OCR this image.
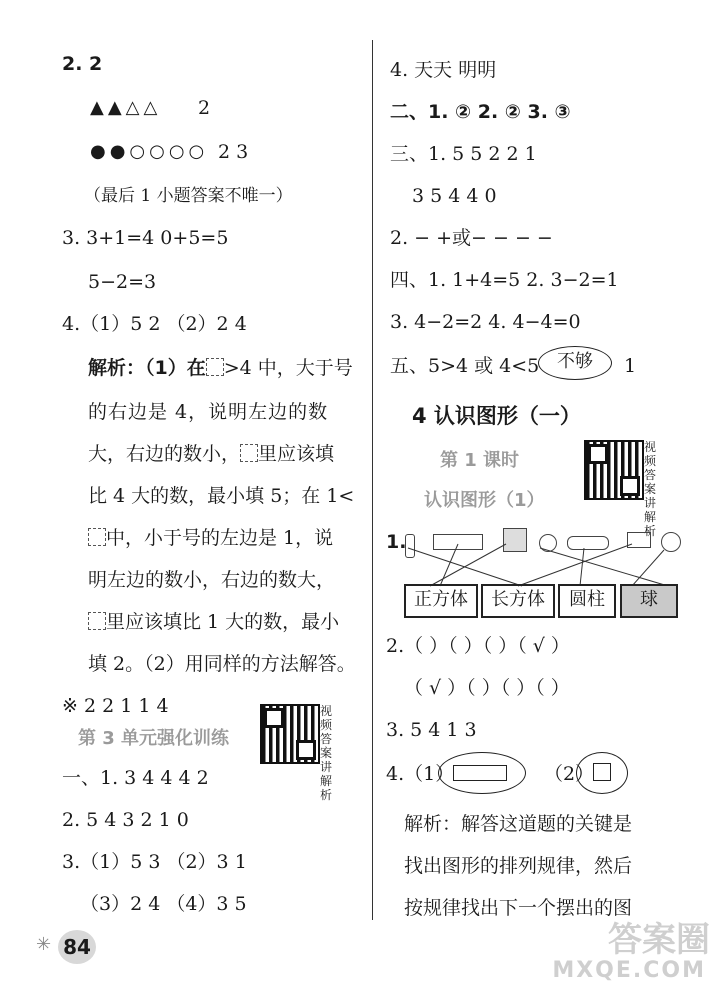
2. 2
▲▲△△ 2
●●○○○○ 2 3
（最后 1 小题答案不唯一）
3. 3+1=4 0+5=5
5−2=3
4.（1）5 2 （2）2 4
解析：（1）在 >4 中，大于号
的右边是 4，说明左边的数
大，右边的数小， 里应该填
比 4 大的数，最小填 5；在 1<
中，小于号的左边是 1，说
明左边的数小，右边的数大，
里应该填比 1 大的数，最小
填 2。（2）用同样的方法解答。
※ 2 2 1 1 4
第 3 单元强化训练
视频答案讲解析
一、1. 3 4 4 4 2
2. 5 4 3 2 1 0
3.（1）5 3 （2）3 1
（3）2 4 （4）3 5
✳ 84
4. 天天 明明
二、1. ② 2. ② 3. ③
三、1. 5 5 2 2 1
3 5 4 4 0
2. − +或− − − −
四、1. 1+4=5 2. 3−2=1
3. 4−2=2 4. 4−4=0
五、5>4 或 4<5 不够	1
4 认识图形（一）
第 1 课时
认识图形（1）
视频答案讲解析
1.
正方体	长方体	圆柱	球
2.（ ）（ ）（ ）（ √ ）
（ √ ）（ ）（ ）（ ）
3. 5 4 1 3
4.（1）	（2）
解析：解答这道题的关键是
找出图形的排列规律，然后
按规律找出下一个摆出的图
答案圈
MXQE.COM
